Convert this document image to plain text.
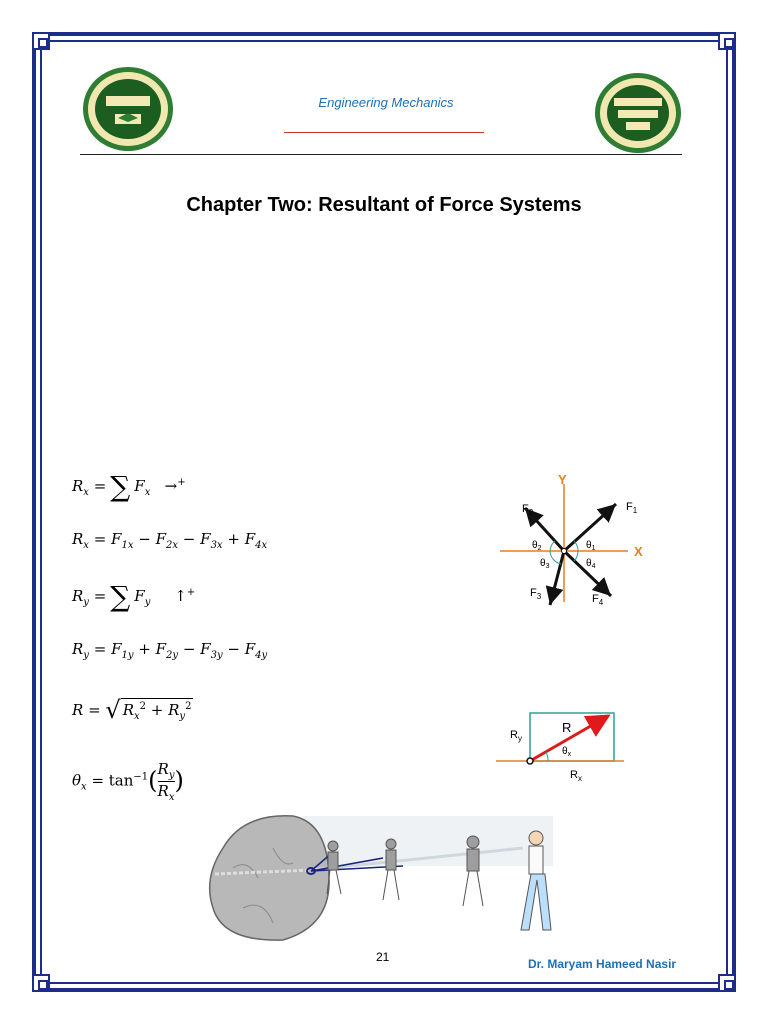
Engineering Mechanics
Chapter Two: Resultant of Force Systems
$R_x$ = ∑ $F_x \to^+$
$R_x = F_{1x} - F_{2x} - F_{3x} + F_{4x}$
$R_y$ = ∑ $F_y$ ↑+
$R_y = F_{1y} + F_{2y} - F_{3y} - F_{4y}$
R = √ $R_x^2 + R_y^2$
$\theta_x = \tan^{-1}( \frac{R_y}{R_x}$ )
Y
X
$F_1$
$F_2$
$F_3$	$F_4$
$\theta_1$
$\theta_2$
$\theta_3$	$\theta_4$
R
$R_y$
$R_x$
$\theta_x$
21	Dr. Maryam Hameed Nasir
